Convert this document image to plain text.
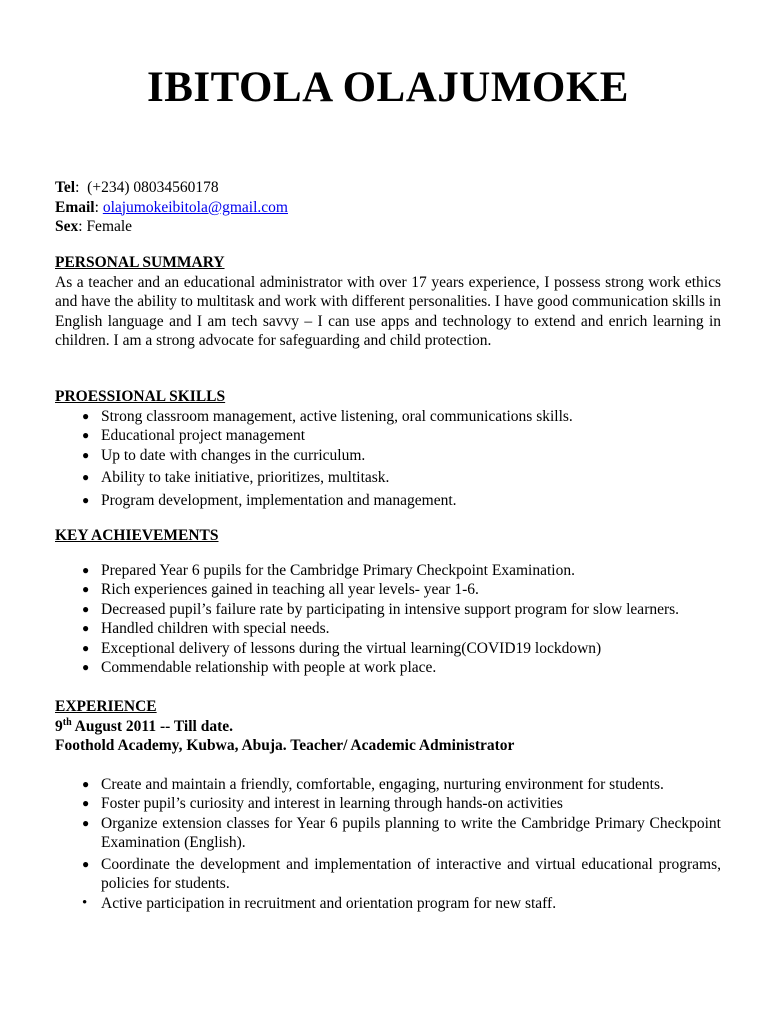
IBITOLA OLAJUMOKE
Tel:  (+234) 08034560178
Email: olajumokeibitola@gmail.com
Sex: Female
PERSONAL SUMMARY

As a teacher and an educational administrator with over 17 years experience, I possess strong work ethics and have the ability to multitask and work with different personalities. I have good communication skills in English language and I am tech savvy – I can use apps and technology to extend and enrich learning in children. I am a strong advocate for safeguarding and child protection.

PROESSIONAL SKILLS
● Strong classroom management, active listening, oral communications skills.
● Educational project management
● Up to date with changes in the curriculum.
● Ability to take initiative, prioritizes, multitask.
● Program development, implementation and management.
KEY ACHIEVEMENTS
● Prepared Year 6 pupils for the Cambridge Primary Checkpoint Examination.
● Rich experiences gained in teaching all year levels- year 1-6.
● Decreased pupil’s failure rate by participating in intensive support program for slow learners.
● Handled children with special needs.
● Exceptional delivery of lessons during the virtual learning(COVID19 lockdown)
● Commendable relationship with people at work place.
EXPERIENCE
9th August 2011 -- Till date.
Foothold Academy, Kubwa, Abuja. Teacher/ Academic Administrator
● Create and maintain a friendly, comfortable, engaging, nurturing environment for students.
● Foster pupil’s curiosity and interest in learning through hands-on activities
● Organize extension classes for Year 6 pupils planning to write the Cambridge Primary Checkpoint Examination (English).
● Coordinate the development and implementation of interactive and virtual educational programs, policies for students.
• Active participation in recruitment and orientation program for new staff.
